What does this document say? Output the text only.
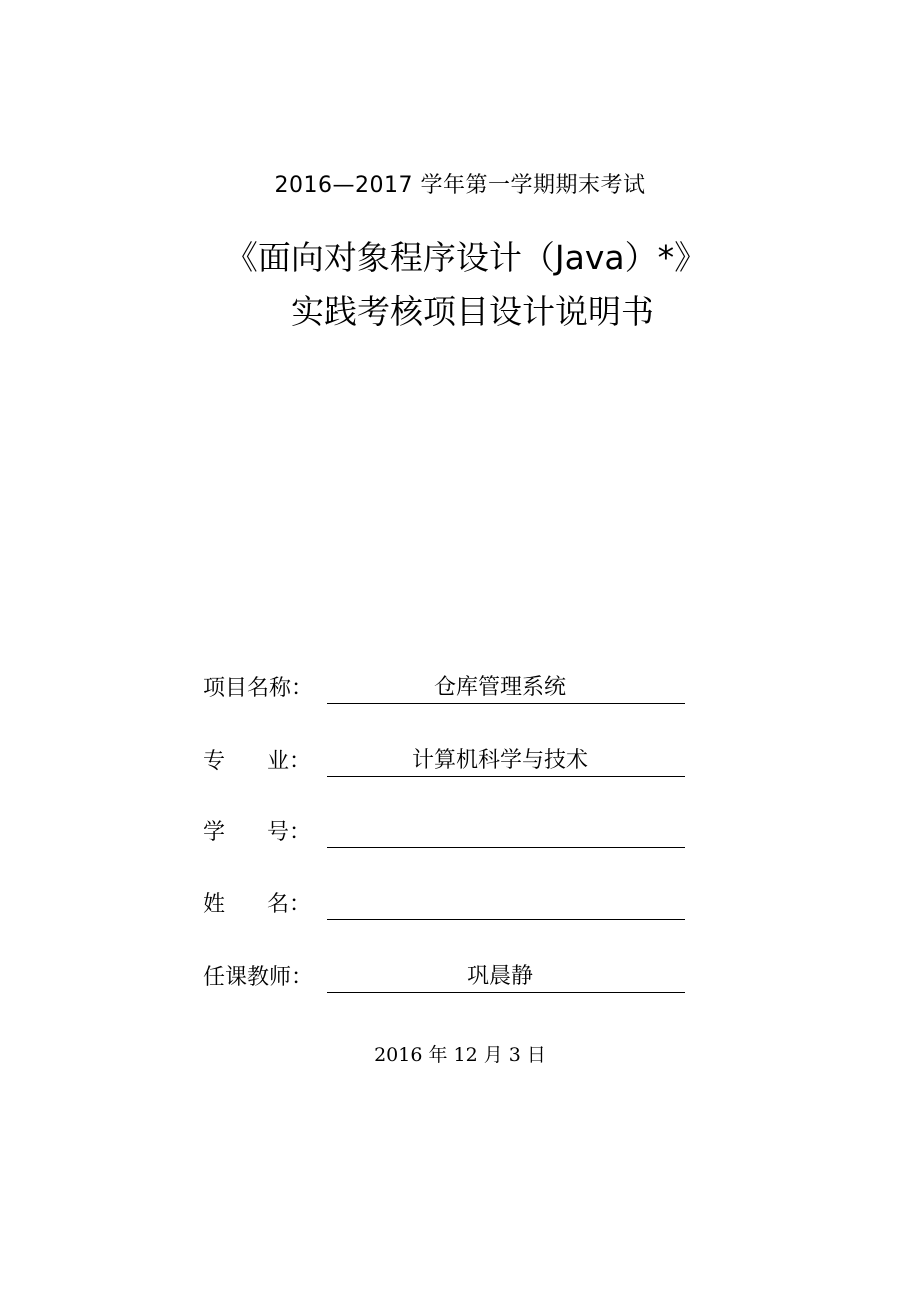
2016—2017 学年第一学期期末考试
《面向对象程序设计（Java）*》
实践考核项目设计说明书
项目名称：	仓库管理系统
专      业：	计算机科学与技术
学      号：
姓      名：
任课教师：	巩晨静
2016 年 12 月 3 日
